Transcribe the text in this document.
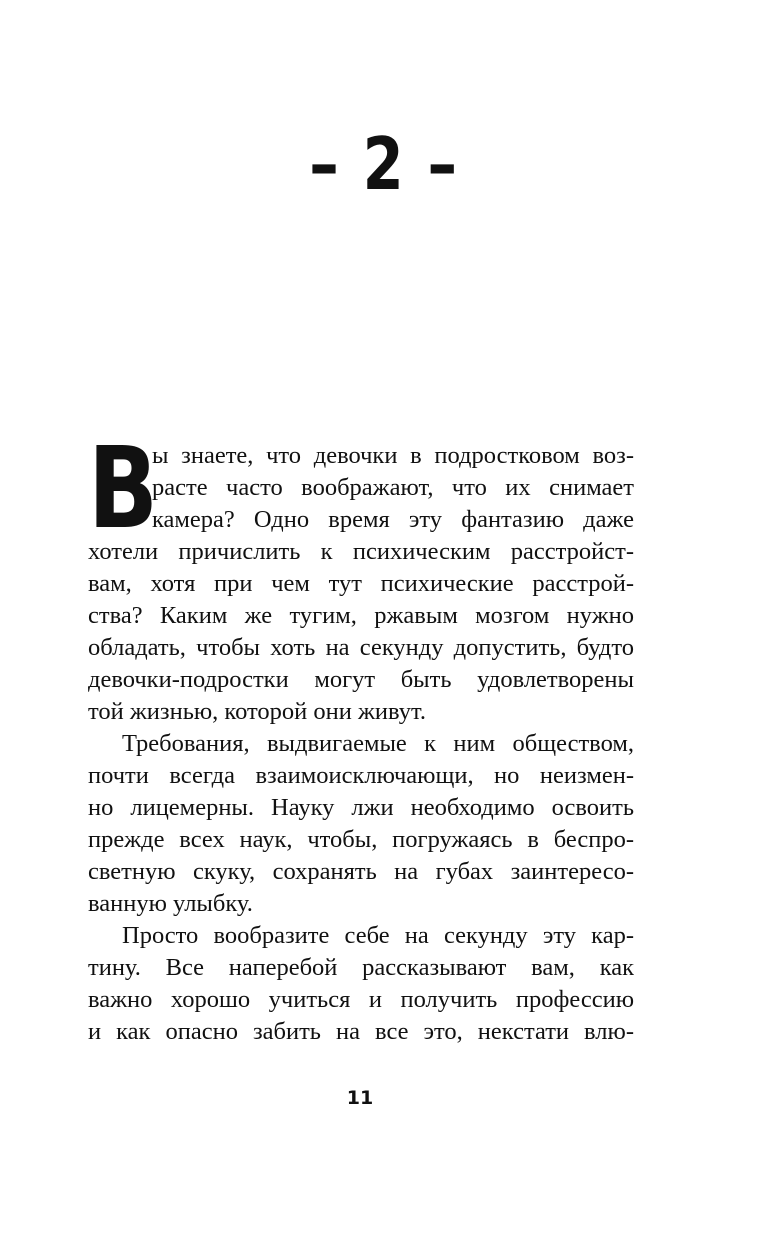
– 2 –
В
ы знаете, что девочки в подростковом воз-
расте часто воображают, что их снимает
камера? Одно время эту фантазию даже
хотели причислить к психическим расстройст-
вам, хотя при чем тут психические расстрой-
ства? Каким же тугим, ржавым мозгом нужно
обладать, чтобы хоть на секунду допустить, будто
девочки-подростки могут быть удовлетворены
той жизнью, которой они живут.
Требования, выдвигаемые к ним обществом,
почти всегда взаимоисключающи, но неизмен-
но лицемерны. Науку лжи необходимо освоить
прежде всех наук, чтобы, погружаясь в беспро-
светную скуку, сохранять на губах заинтересо-
ванную улыбку.
Просто вообразите себе на секунду эту кар-
тину. Все наперебой рассказывают вам, как
важно хорошо учиться и получить профессию
и как опасно забить на все это, некстати влю-
11
